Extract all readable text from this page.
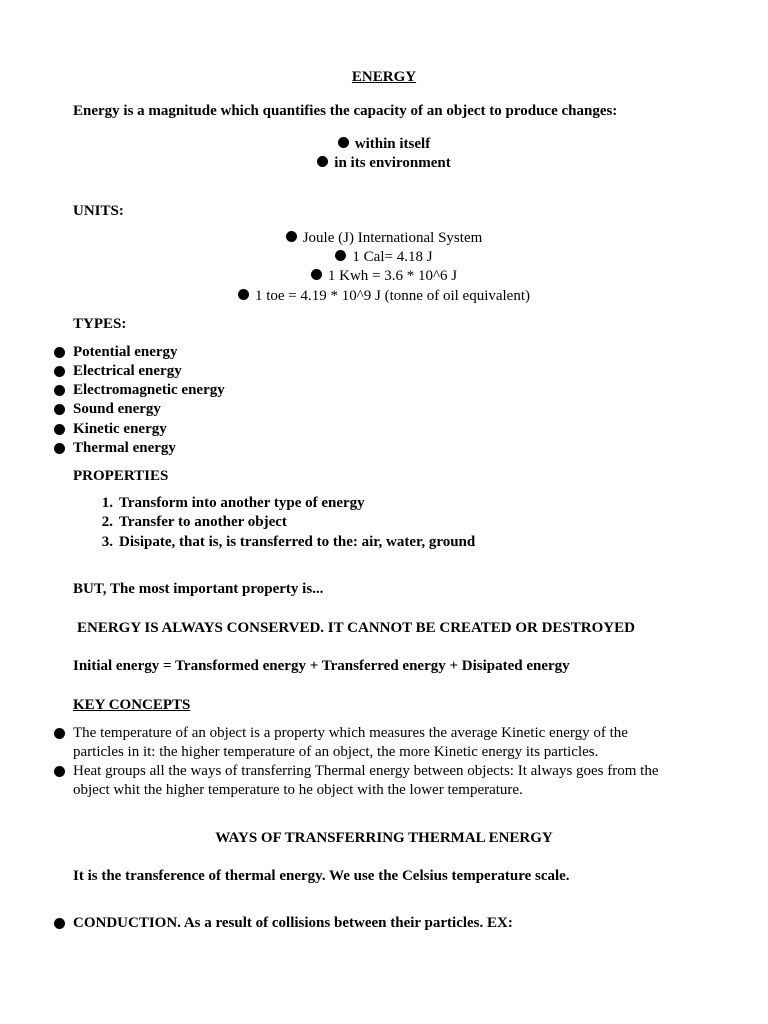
ENERGY
Energy is a magnitude which quantifies the capacity of an object to produce changes:
within itself
in its environment
UNITS:
Joule (J) International System
1 Cal= 4.18 J
1 Kwh = 3.6 * 10^6 J
1 toe = 4.19 * 10^9 J (tonne of oil equivalent)
TYPES:
Potential energy
Electrical energy
Electromagnetic energy
Sound energy
Kinetic energy
Thermal energy
PROPERTIES
1. Transform into another type of energy
2. Transfer to another object
3. Disipate, that is, is transferred to the: air, water, ground
BUT, The most important property is...
ENERGY IS ALWAYS CONSERVED. IT CANNOT BE CREATED OR DESTROYED
Initial energy = Transformed energy + Transferred energy + Disipated energy
KEY CONCEPTS
The temperature of an object is a property which measures the average Kinetic energy of the
particles in it: the higher temperature of an object, the more Kinetic energy its particles.
Heat groups all the ways of transferring Thermal energy between objects: It always goes from the
object whit the higher temperature to he object with the lower temperature.
WAYS OF TRANSFERRING THERMAL ENERGY
It is the transference of thermal energy. We use the Celsius temperature scale.
CONDUCTION. As a result of collisions between their particles. EX:
